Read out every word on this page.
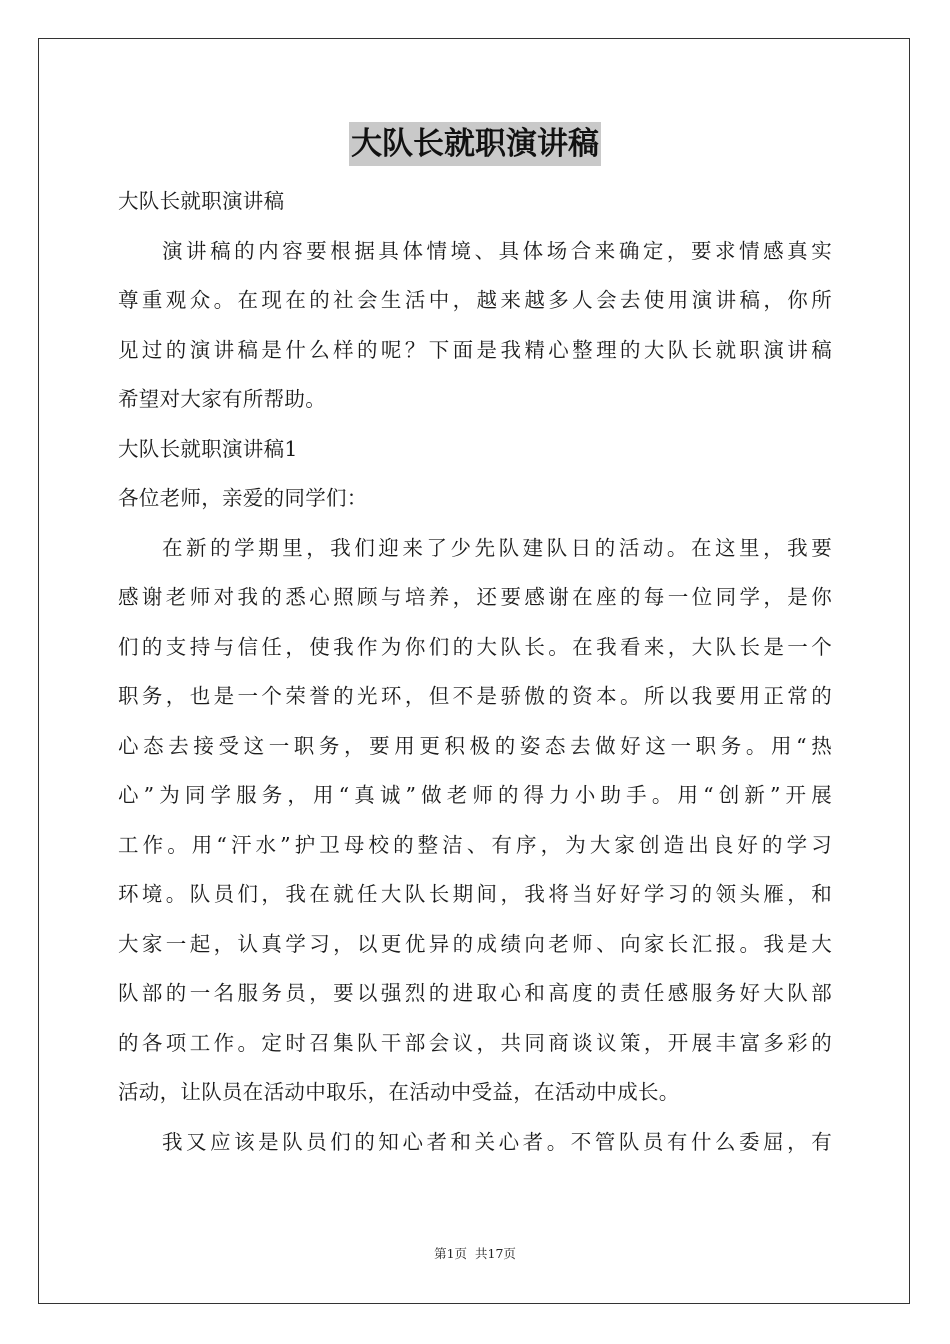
大队长就职演讲稿
大队长就职演讲稿
演讲稿的内容要根据具体情境、具体场合来确定，要求情感真实
尊重观众。在现在的社会生活中，越来越多人会去使用演讲稿，你所
见过的演讲稿是什么样的呢？下面是我精心整理的大队长就职演讲稿
希望对大家有所帮助。
大队长就职演讲稿1
各位老师，亲爱的同学们：
在新的学期里，我们迎来了少先队建队日的活动。在这里，我要
感谢老师对我的悉心照顾与培养，还要感谢在座的每一位同学，是你
们的支持与信任，使我作为你们的大队长。在我看来，大队长是一个
职务，也是一个荣誉的光环，但不是骄傲的资本。所以我要用正常的
心态去接受这一职务，要用更积极的姿态去做好这一职务。用“热
心”为同学服务，用“真诚”做老师的得力小助手。用“创新”开展
工作。用“汗水”护卫母校的整洁、有序，为大家创造出良好的学习
环境。队员们，我在就任大队长期间，我将当好好学习的领头雁，和
大家一起，认真学习，以更优异的成绩向老师、向家长汇报。我是大
队部的一名服务员，要以强烈的进取心和高度的责任感服务好大队部
的各项工作。定时召集队干部会议，共同商谈议策，开展丰富多彩的
活动，让队员在活动中取乐，在活动中受益，在活动中成长。
我又应该是队员们的知心者和关心者。不管队员有什么委屈，有
第1页 共17页
